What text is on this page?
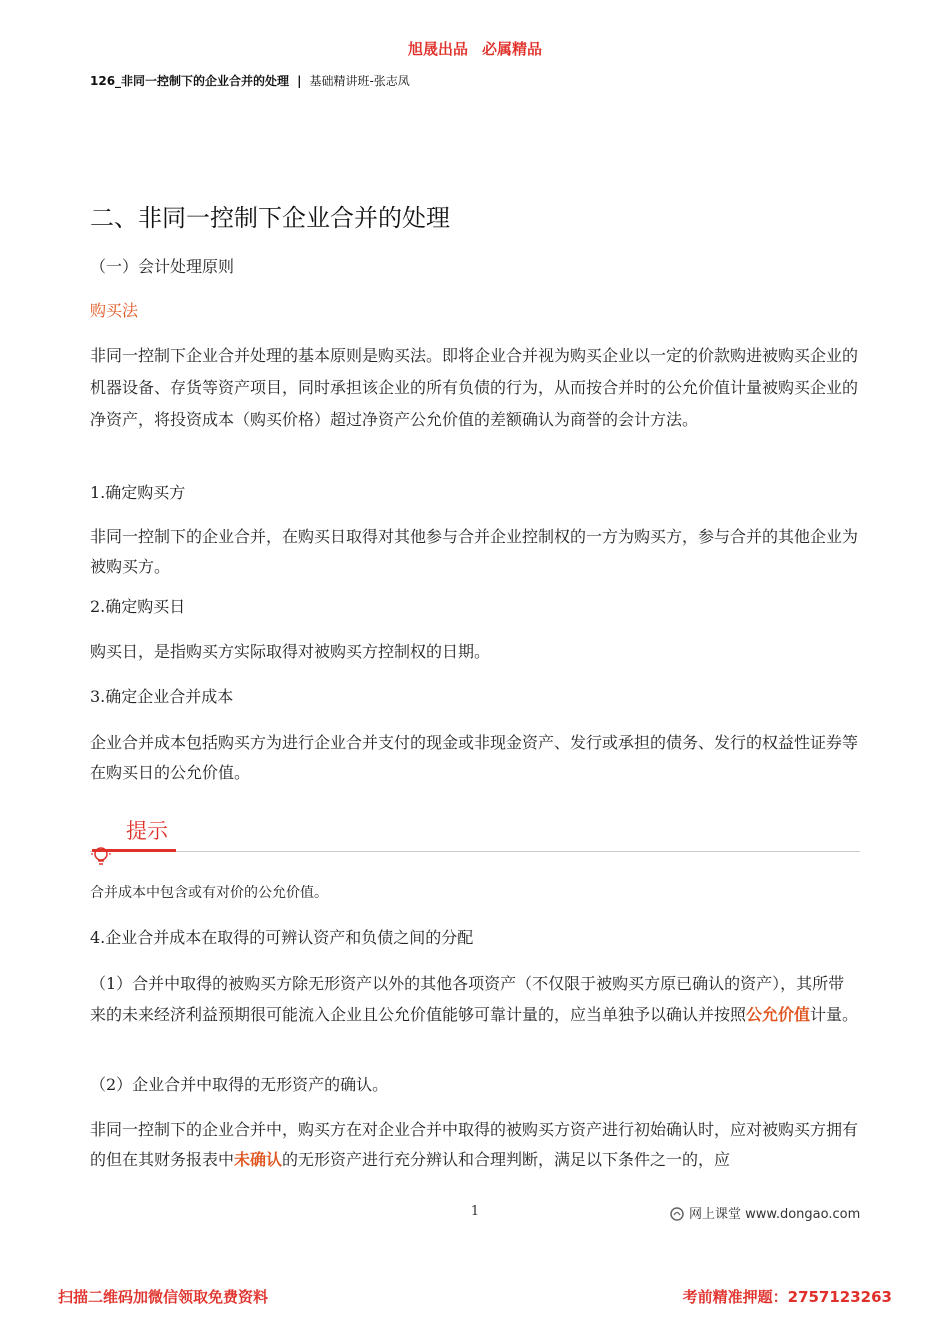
旭晟出品 必属精品
126_非同一控制下的企业合并的处理 | 基础精讲班-张志凤
二、非同一控制下企业合并的处理
（一）会计处理原则
购买法
非同一控制下企业合并处理的基本原则是购买法。即将企业合并视为购买企业以一定的价款购进被购买企业的机器设备、存货等资产项目，同时承担该企业的所有负债的行为，从而按合并时的公允价值计量被购买企业的净资产，将投资成本（购买价格）超过净资产公允价值的差额确认为商誉的会计方法。
1.确定购买方
非同一控制下的企业合并，在购买日取得对其他参与合并企业控制权的一方为购买方，参与合并的其他企业为被购买方。
2.确定购买日
购买日，是指购买方实际取得对被购买方控制权的日期。
3.确定企业合并成本
企业合并成本包括购买方为进行企业合并支付的现金或非现金资产、发行或承担的债务、发行的权益性证券等在购买日的公允价值。
提示
合并成本中包含或有对价的公允价值。
4.企业合并成本在取得的可辨认资产和负债之间的分配
（1）合并中取得的被购买方除无形资产以外的其他各项资产（不仅限于被购买方原已确认的资产），其所带来的未来经济利益预期很可能流入企业且公允价值能够可靠计量的，应当单独予以确认并按照公允价值计量。
（2）企业合并中取得的无形资产的确认。
非同一控制下的企业合并中，购买方在对企业合并中取得的被购买方资产进行初始确认时，应对被购买方拥有的但在其财务报表中未确认的无形资产进行充分辨认和合理判断，满足以下条件之一的，应
1	网上课堂 www.dongao.com
扫描二维码加微信领取免费资料	考前精准押题：2757123263
